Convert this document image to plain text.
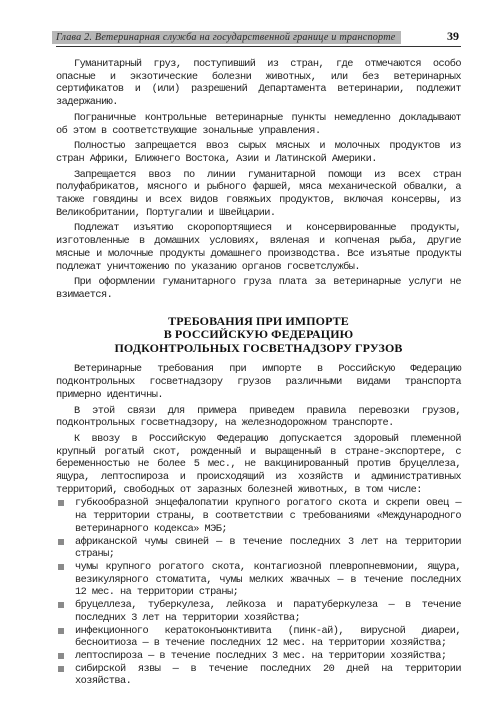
Глава 2. Ветеринарная служба на государственной границе и транспорте	39

Гуманитарный груз, поступивший из стран, где отмечаются особо опасные и экзотические болезни животных, или без ветеринарных сертификатов и (или) разрешений Департамента ветеринарии, подлежит задержанию.

Пограничные контрольные ветеринарные пункты немедленно докладывают об этом в соответствующие зональные управления.

Полностью запрещается ввоз сырых мясных и молочных продуктов из стран Африки, Ближнего Востока, Азии и Латинской Америки.

Запрещается ввоз по линии гуманитарной помощи из всех стран полуфабрикатов, мясного и рыбного фаршей, мяса механической обвалки, а также говядины и всех видов говяжьих продуктов, включая консервы, из Великобритании, Португалии и Швейцарии.

Подлежат изъятию скоропортящиеся и консервированные продукты, изготовленные в домашних условиях, вяленая и копченая рыба, другие мясные и молочные продукты домашнего производства. Все изъятые продукты подлежат уничтожению по указанию органов госветслужбы.

При оформлении гуманитарного груза плата за ветеринарные услуги не взимается.

ТРЕБОВАНИЯ ПРИ ИМПОРТЕ
В РОССИЙСКУЮ ФЕДЕРАЦИЮ
ПОДКОНТРОЛЬНЫХ ГОСВЕТНАДЗОРУ ГРУЗОВ

Ветеринарные требования при импорте в Российскую Федерацию подконтрольных госветнадзору грузов различными видами транспорта примерно идентичны.

В этой связи для примера приведем правила перевозки грузов, подконтрольных госветнадзору, на железнодорожном транспорте.

К ввозу в Российскую Федерацию допускается здоровый племенной крупный рогатый скот, рожденный и выращенный в стране-экспортере, с беременностью не более 5 мес., не вакцинированный против бруцеллеза, ящура, лептоспироза и происходящий из хозяйств и административных территорий, свободных от заразных болезней животных, в том числе:

губкообразной энцефалопатии крупного рогатого скота и скрепи овец — на территории страны, в соответствии с требованиями «Международного ветеринарного кодекса» МЭБ;
африканской чумы свиней — в течение последних 3 лет на территории страны;
чумы крупного рогатого скота, контагиозной плевропневмонии, ящура, везикулярного стоматита, чумы мелких жвачных — в течение последних 12 мес. на территории страны;
бруцеллеза, туберкулеза, лейкоза и паратуберкулеза — в течение последних 3 лет на территории хозяйства;
инфекционного кератоконъюнктивита (пинк-ай), вирусной диареи, бесноитиоза — в течение последних 12 мес. на территории хозяйства;
лептоспироза — в течение последних 3 мес. на территории хозяйства;
сибирской язвы — в течение последних 20 дней на территории хозяйства.
